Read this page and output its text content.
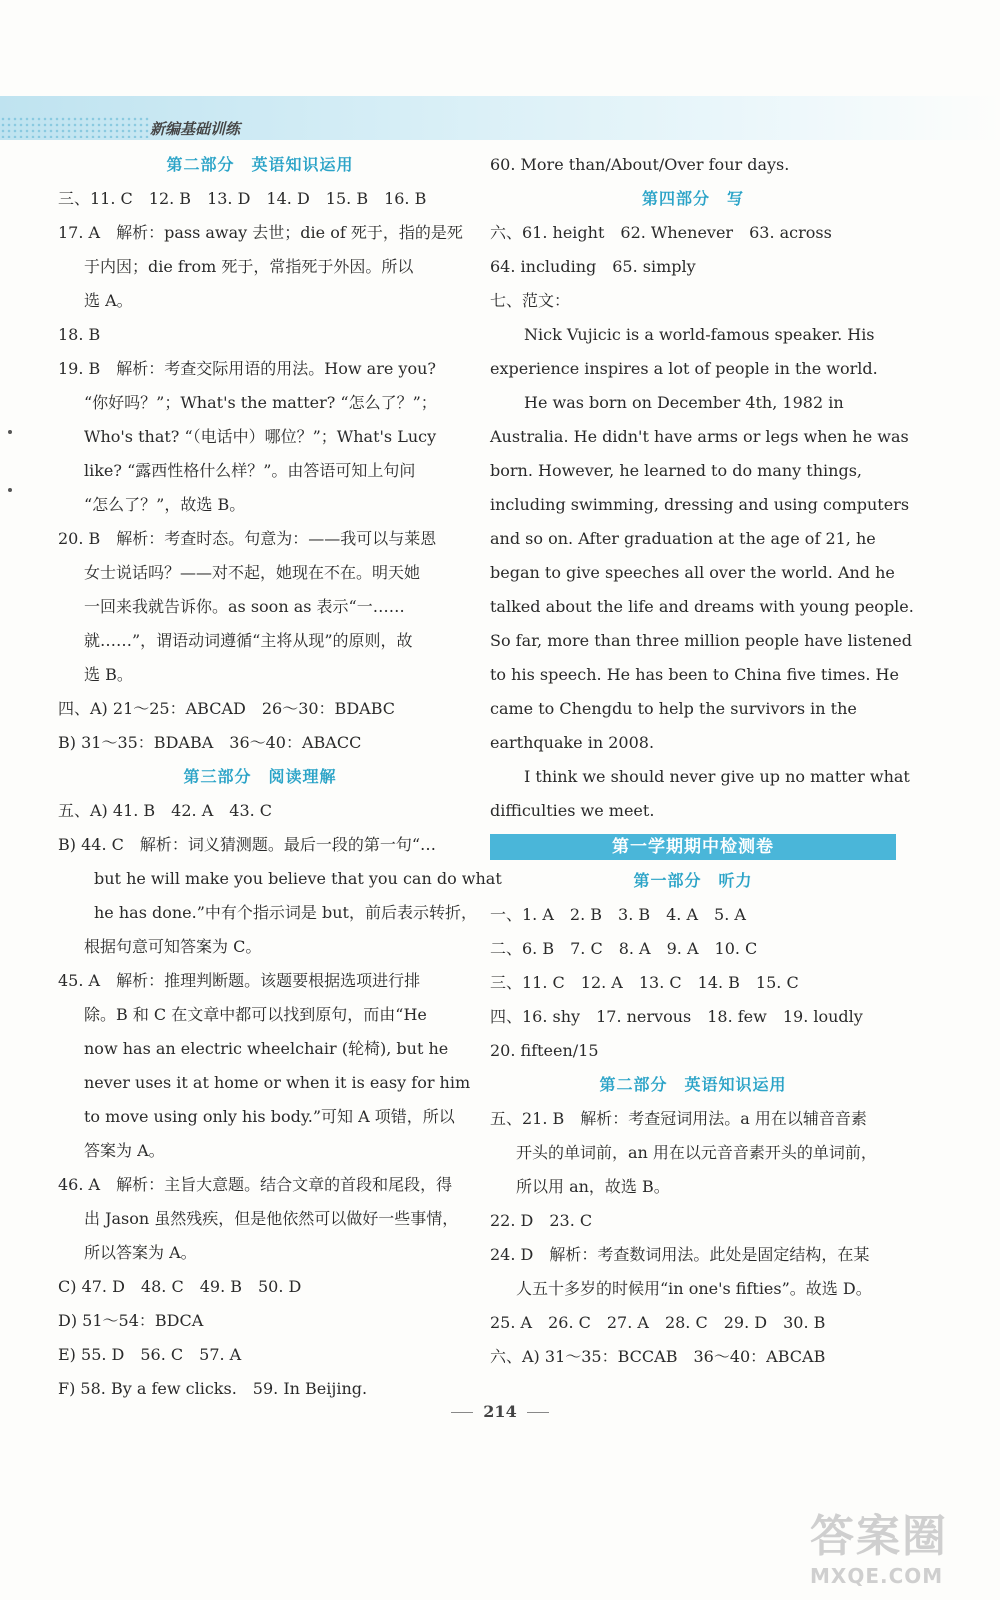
新编基础训练
第二部分　英语知识运用
三、11. C　12. B　13. D　14. D　15. B　16. B
17. A　解析：pass away 去世；die of 死于，指的是死
于内因；die from 死于，常指死于外因。所以
选 A。
18. B
19. B　解析：考查交际用语的用法。How are you?
“你好吗？”；What's the matter? “怎么了？”；
Who's that? “（电话中）哪位？”；What's Lucy
like? “露西性格什么样？”。由答语可知上句问
“怎么了？”，故选 B。
20. B　解析：考查时态。句意为：——我可以与莱恩
女士说话吗？——对不起，她现在不在。明天她
一回来我就告诉你。as soon as 表示“一……
就……”，谓语动词遵循“主将从现”的原则，故
选 B。
四、A) 21～25：ABCAD　26～30：BDABC
B) 31～35：BDABA　36～40：ABACC
第三部分　阅读理解
五、A) 41. B　42. A　43. C
B) 44. C　解析：词义猜测题。最后一段的第一句“…
but he will make you believe that you can do what
he has done.”中有个指示词是 but，前后表示转折，
根据句意可知答案为 C。
45. A　解析：推理判断题。该题要根据选项进行排
除。B 和 C 在文章中都可以找到原句，而由“He
now has an electric wheelchair (轮椅), but he
never uses it at home or when it is easy for him
to move using only his body.”可知 A 项错，所以
答案为 A。
46. A　解析：主旨大意题。结合文章的首段和尾段，得
出 Jason 虽然残疾，但是他依然可以做好一些事情，
所以答案为 A。
C) 47. D　48. C　49. B　50. D
D) 51～54：BDCA
E) 55. D　56. C　57. A
F) 58. By a few clicks.　59. In Beijing.
60. More than/About/Over four days.
第四部分　写
六、61. height　62. Whenever　63. across
64. including　65. simply
七、范文：
Nick Vujicic is a world-famous speaker. His
experience inspires a lot of people in the world.
He was born on December 4th, 1982 in
Australia. He didn't have arms or legs when he was
born. However, he learned to do many things,
including swimming, dressing and using computers
and so on. After graduation at the age of 21, he
began to give speeches all over the world. And he
talked about the life and dreams with young people.
So far, more than three million people have listened
to his speech. He has been to China five times. He
came to Chengdu to help the survivors in the
earthquake in 2008.
I think we should never give up no matter what
difficulties we meet.
第一学期期中检测卷
第一部分　听力
一、1. A　2. B　3. B　4. A　5. A
二、6. B　7. C　8. A　9. A　10. C
三、11. C　12. A　13. C　14. B　15. C
四、16. shy　17. nervous　18. few　19. loudly
20. fifteen/15
第二部分　英语知识运用
五、21. B　解析：考查冠词用法。a 用在以辅音音素
开头的单词前，an 用在以元音音素开头的单词前，
所以用 an，故选 B。
22. D　23. C
24. D　解析：考查数词用法。此处是固定结构，在某
人五十多岁的时候用“in one's fifties”。故选 D。
25. A　26. C　27. A　28. C　29. D　30. B
六、A) 31～35：BCCAB　36～40：ABCAB
214
答案圈
MXQE.COM
